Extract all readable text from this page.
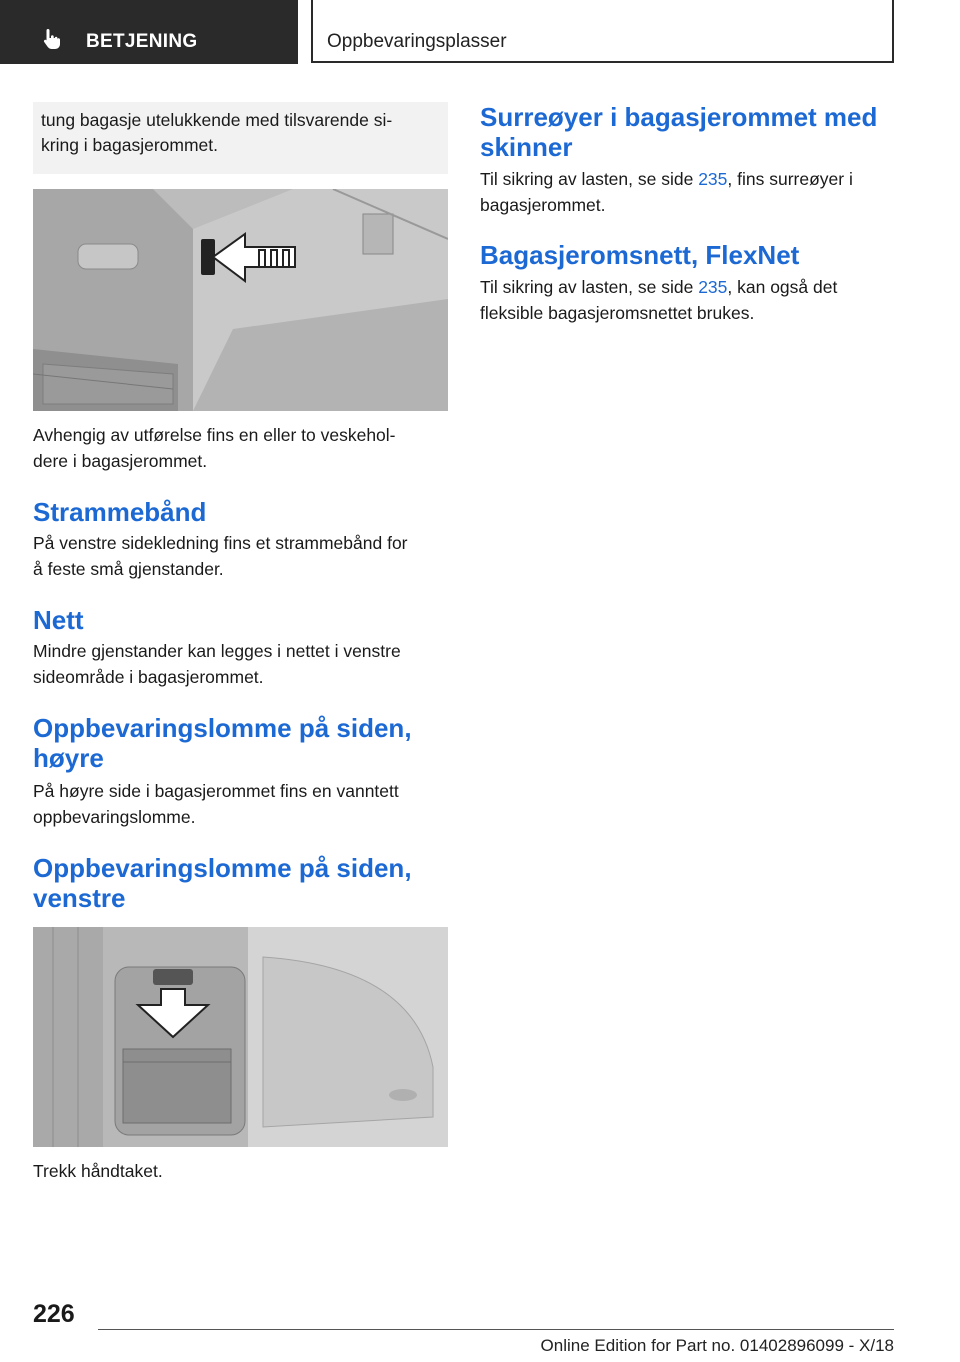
BETJENING	Oppbevaringsplasser
tung bagasje utelukkende med tilsvarende si-
kring i bagasjerommet.

Avhengig av utførelse fins en eller to veskehol-

dere i bagasjerommet.

Strammebånd

På venstre sidekledning fins et strammebånd for

å feste små gjenstander.

Nett

Mindre gjenstander kan legges i nettet i venstre

sideområde i bagasjerommet.

Oppbevaringslomme på siden,
høyre

På høyre side i bagasjerommet fins en vanntett

oppbevaringslomme.

Oppbevaringslomme på siden,
venstre

Trekk håndtaket.

Surreøyer i bagasjerommet med
skinner

Til sikring av lasten, se side 235, fins surreøyer i

bagasjerommet.

Bagasjeromsnett, FlexNet

Til sikring av lasten, se side 235, kan også det

fleksible bagasjeromsnettet brukes.

226
Online Edition for Part no. 01402896099 - X/18
